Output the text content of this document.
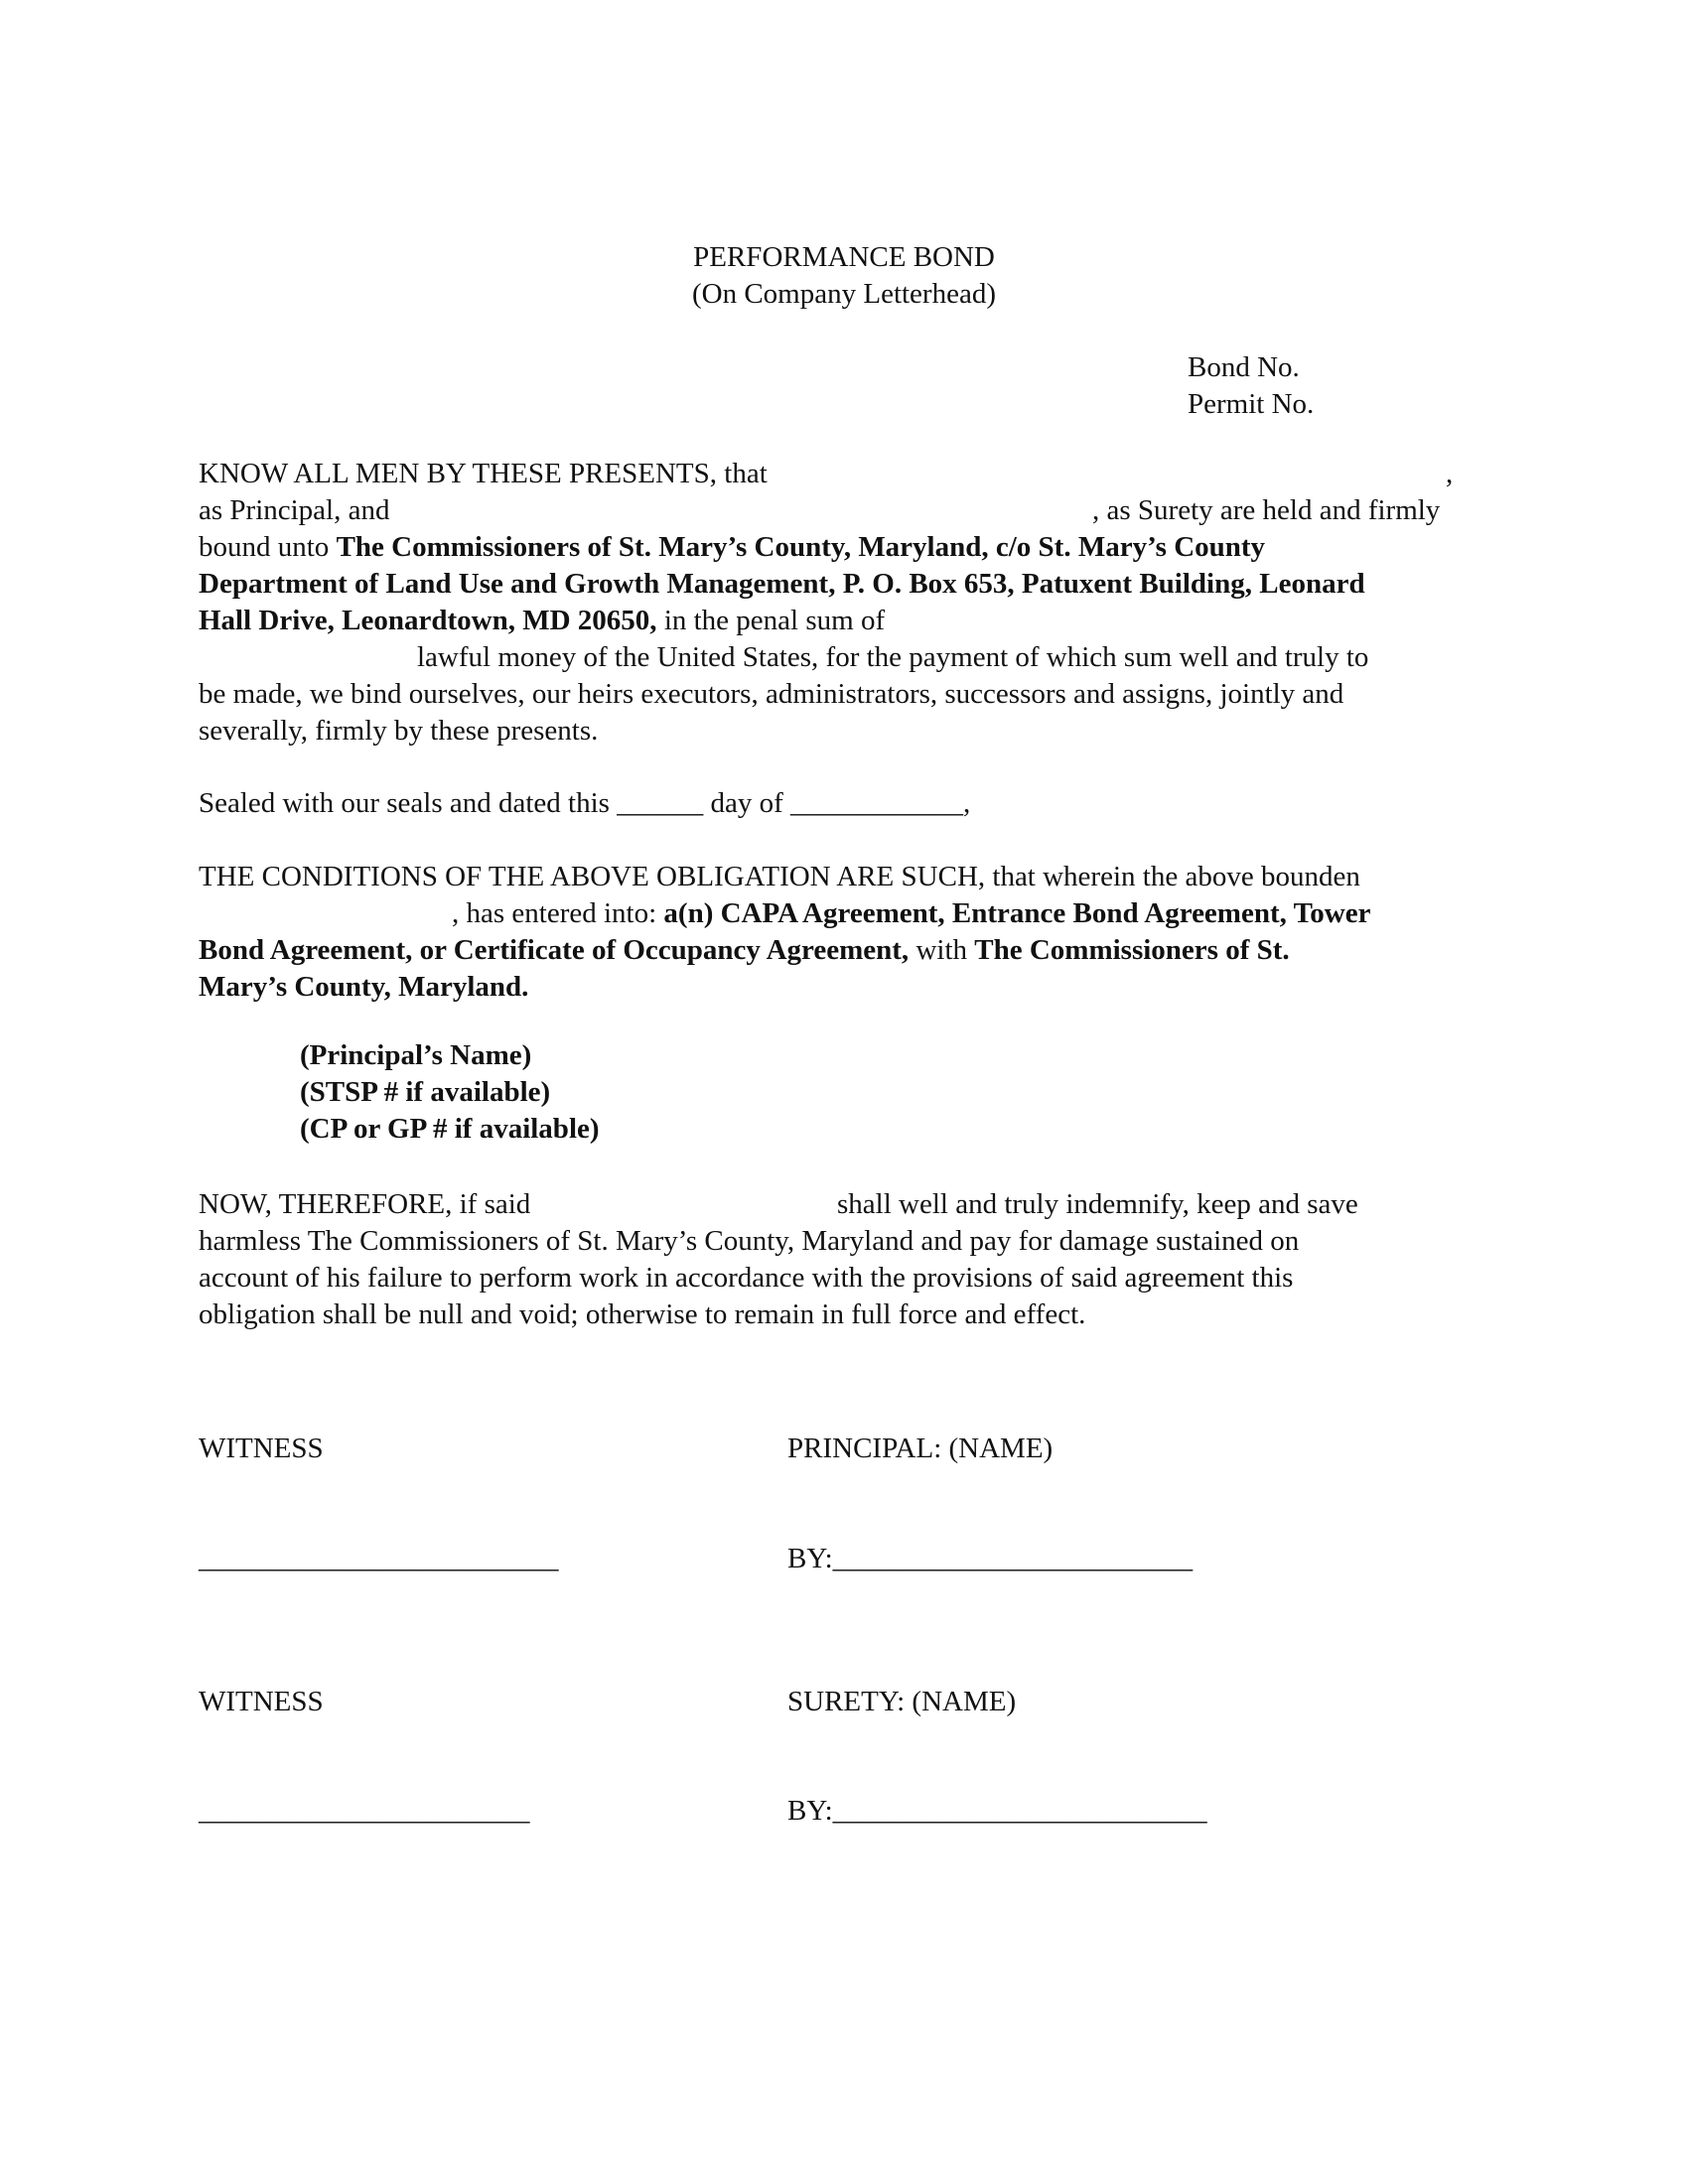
PERFORMANCE BOND
(On Company Letterhead)
Bond No.
Permit No.
KNOW ALL MEN BY THESE PRESENTS, that	,
as Principal, and	, as Surety are held and firmly
bound unto The Commissioners of St. Mary’s County, Maryland, c/o St. Mary’s County
Department of Land Use and Growth Management, P. O. Box 653, Patuxent Building, Leonard
Hall Drive, Leonardtown, MD 20650, in the penal sum of
lawful money of the United States, for the payment of which sum well and truly to
be made, we bind ourselves, our heirs executors, administrators, successors and assigns, jointly and
severally, firmly by these presents.
Sealed with our seals and dated this ______ day of ____________,
THE CONDITIONS OF THE ABOVE OBLIGATION ARE SUCH, that wherein the above bounden
, has entered into: a(n) CAPA Agreement, Entrance Bond Agreement, Tower
Bond Agreement, or Certificate of Occupancy Agreement, with The Commissioners of St.
Mary’s County, Maryland.
(Principal’s Name)
(STSP # if available)
(CP or GP # if available)
NOW, THEREFORE, if said	shall well and truly indemnify, keep and save
harmless The Commissioners of St. Mary’s County, Maryland and pay for damage sustained on
account of his failure to perform work in accordance with the provisions of said agreement this
obligation shall be null and void; otherwise to remain in full force and effect.
WITNESS	PRINCIPAL: (NAME)
_________________________	BY:_________________________
WITNESS	SURETY: (NAME)
_______________________	BY:__________________________
